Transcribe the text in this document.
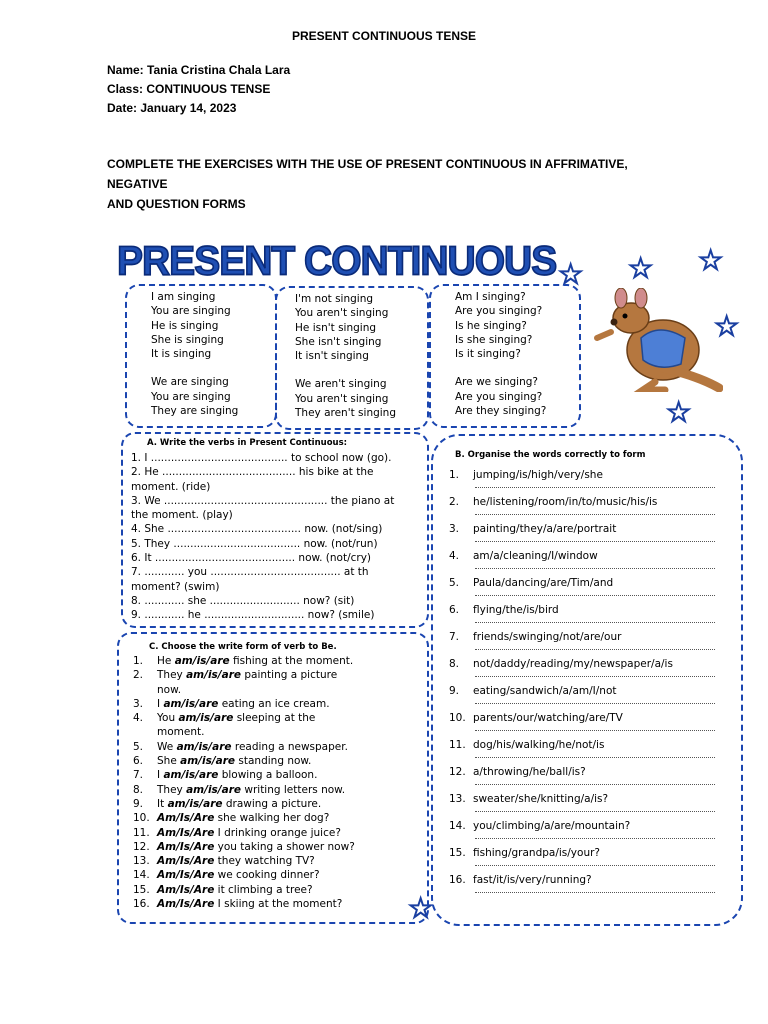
PRESENT CONTINUOUS TENSE
Name: Tania Cristina Chala Lara
Class: CONTINUOUS TENSE
Date: January 14, 2023
COMPLETE THE EXERCISES WITH THE USE OF PRESENT CONTINUOUS IN AFFRIMATIVE, NEGATIVE
AND QUESTION FORMS
PRESENT CONTINUOUS ★ ★ ★
★
★
★
I am singing
You are singing
He is singing
She is singing
It is singing
We are singing
You are singing
They are singing
I'm not singing
You aren't singing
He isn't singing
She isn't singing
It isn't singing
We aren't singing
You aren't singing
They aren't singing
Am I singing?
Are you singing?
Is he singing?
Is she singing?
Is it singing?
Are we singing?
Are you singing?
Are they singing?
A. Write the verbs in Present Continuous:
1. I ......................................... to school now (go).
2. He ........................................ his bike at the
moment. (ride)
3. We ................................................. the piano at
the moment. (play)
4. She ........................................ now. (not/sing)
5. They ...................................... now. (not/run)
6. It .......................................... now. (not/cry)
7. ............ you ....................................... at th
moment? (swim)
8. ............ she ........................... now? (sit)
9. ............ he .............................. now? (smile)
C. Choose the write form of verb to Be.
1. He am/is/are fishing at the moment.
2. They am/is/are painting a picture
now.
3. I am/is/are eating an ice cream.
4. You am/is/are sleeping at the
moment.
5. We am/is/are reading a newspaper.
6. She am/is/are standing now.
7. I am/is/are blowing a balloon.
8. They am/is/are writing letters now.
9. It am/is/are drawing a picture.
10. Am/Is/Are she walking her dog?
11. Am/Is/Are I drinking orange juice?
12. Am/Is/Are you taking a shower now?
13. Am/Is/Are they watching TV?
14. Am/Is/Are we cooking dinner?
15. Am/Is/Are it climbing a tree?
16. Am/Is/Are I skiing at the moment?
B. Organise the words correctly to form
1. jumping/is/high/very/she
2. he/listening/room/in/to/music/his/is
3. painting/they/a/are/portrait
4. am/a/cleaning/I/window
5. Paula/dancing/are/Tim/and
6. flying/the/is/bird
7. friends/swinging/not/are/our
8. not/daddy/reading/my/newspaper/a/is
9. eating/sandwich/a/am/I/not
10. parents/our/watching/are/TV
11. dog/his/walking/he/not/is
12. a/throwing/he/ball/is?
13. sweater/she/knitting/a/is?
14. you/climbing/a/are/mountain?
15. fishing/grandpa/is/your?
16. fast/it/is/very/running?
